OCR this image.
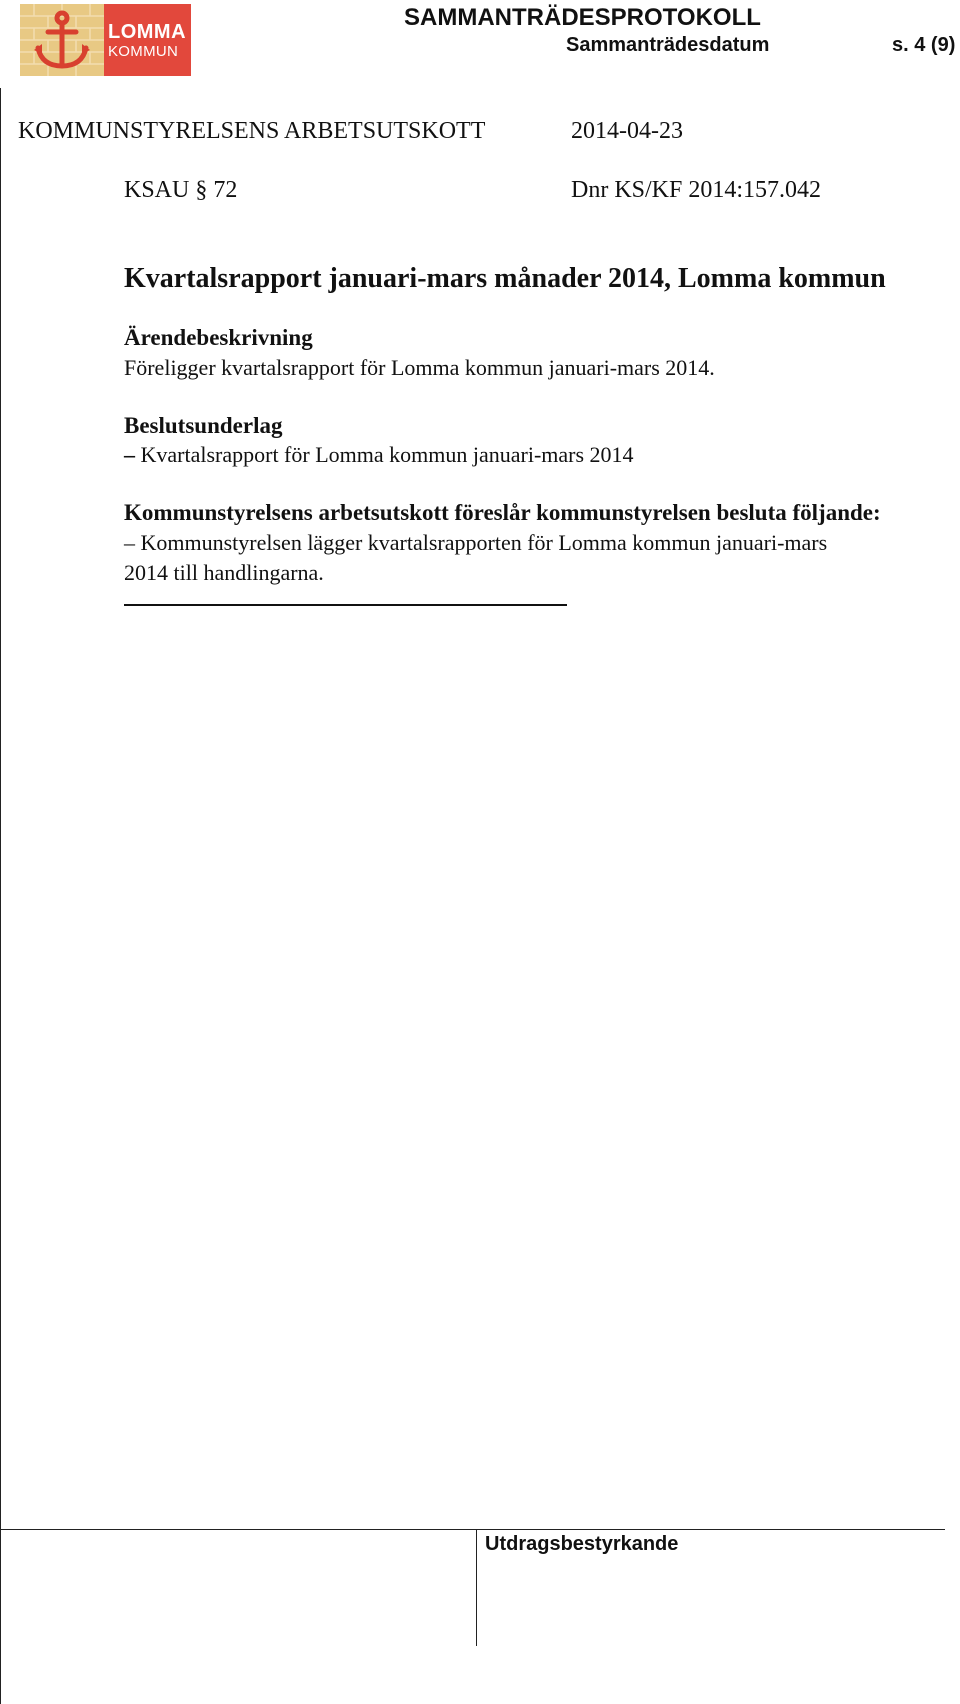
LOMMA
KOMMUN
SAMMANTRÄDESPROTOKOLL
Sammanträdesdatum	s. 4 (9)
KOMMUNSTYRELSENS ARBETSUTSKOTT	2014-04-23
KSAU § 72	Dnr KS/KF 2014:157.042
Kvartalsrapport januari-mars månader 2014, Lomma kommun
Ärendebeskrivning
Föreligger kvartalsrapport för Lomma kommun januari-mars 2014.
Beslutsunderlag
– Kvartalsrapport för Lomma kommun januari-mars 2014
Kommunstyrelsens arbetsutskott föreslår kommunstyrelsen besluta följande:
– Kommunstyrelsen lägger kvartalsrapporten för Lomma kommun januari-mars
2014 till handlingarna.
Utdragsbestyrkande
